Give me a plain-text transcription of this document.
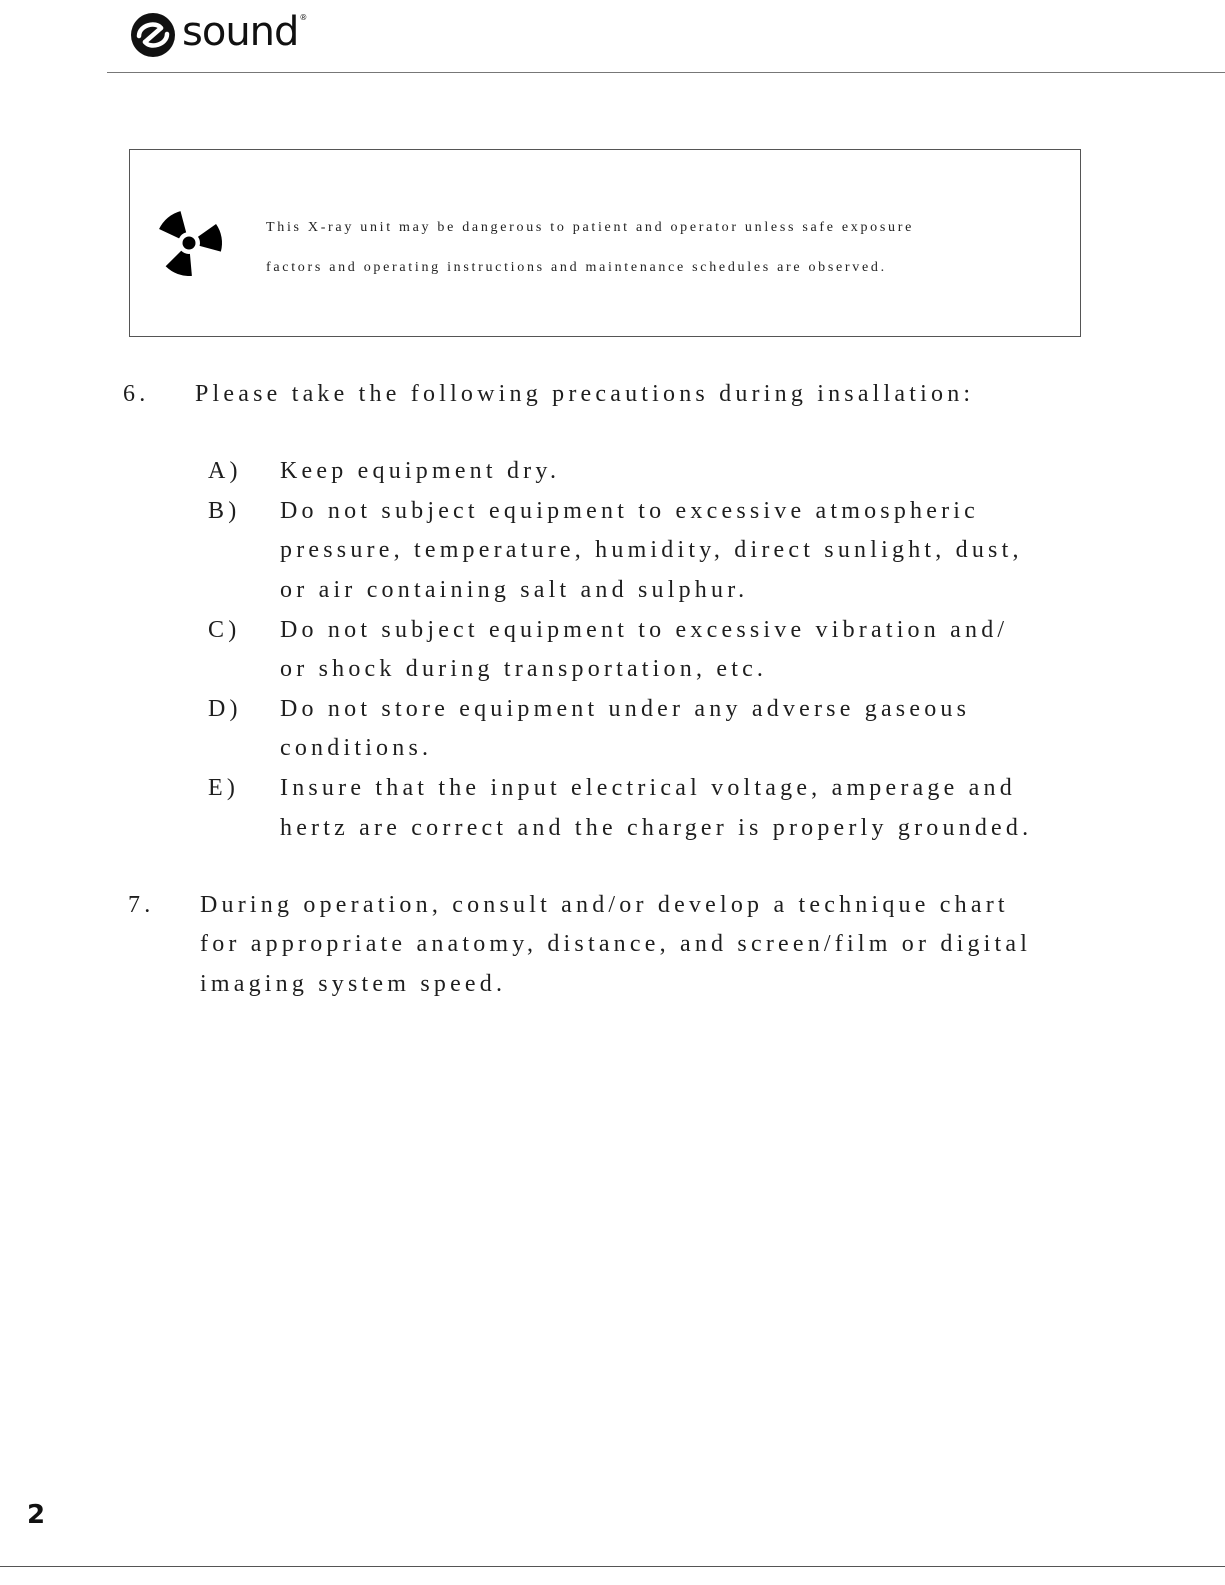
sound ®
This X-ray unit may be dangerous to patient and operator unless safe exposure
factors and operating instructions and maintenance schedules are observed.
6. Please take the following precautions during insallation:
A) Keep equipment dry.
B) Do not subject equipment to excessive atmospheric
pressure, temperature, humidity, direct sunlight, dust,
or air containing salt and sulphur.
C) Do not subject equipment to excessive vibration and/
or shock during transportation, etc.
D) Do not store equipment under any adverse gaseous
conditions.
E) Insure that the input electrical voltage, amperage and
hertz are correct and the charger is properly grounded.
7. During operation, consult and/or develop a technique chart
for appropriate anatomy, distance, and screen/film or digital
imaging system speed.
2
